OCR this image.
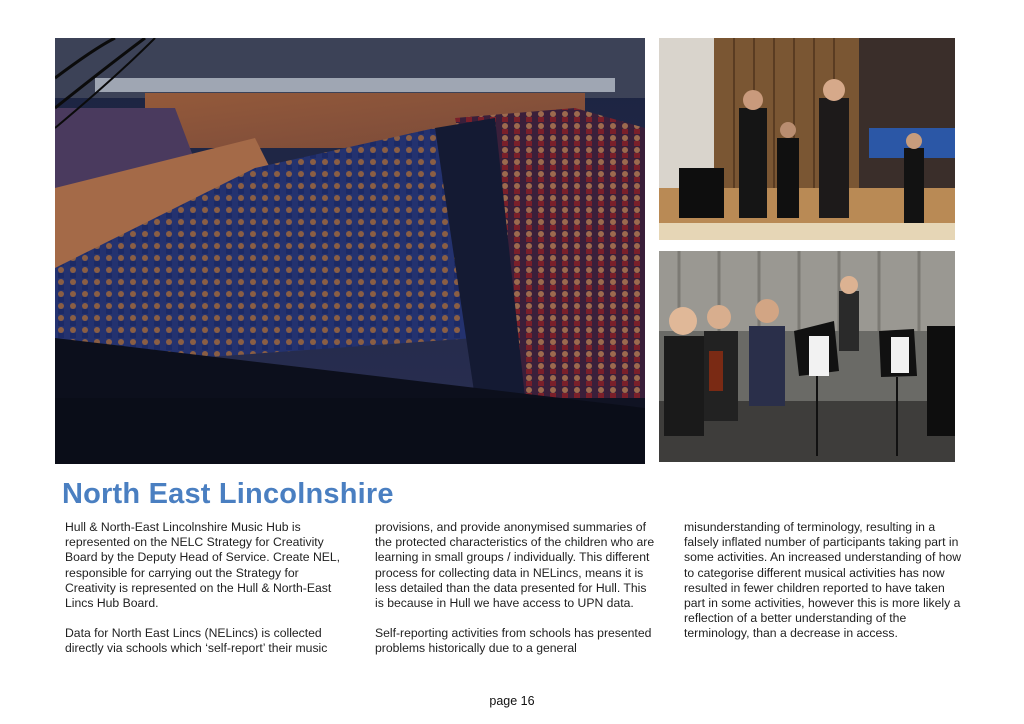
North East Lincolnshire

Hull & North-East Lincolnshire Music Hub is represented on the NELC Strategy for Creativity Board by the Deputy Head of Service. Create NEL, responsible for carrying out the Strategy for Creativity is represented on the Hull & North-East Lincs Hub Board.

Data for North East Lincs (NELincs) is collected directly via schools which ‘self-report’ their music

provisions, and provide anonymised summaries of the protected characteristics of the children who are learning in small groups / individually. This different process for collecting data in NELincs, means it is less detailed than the data presented for Hull. This is because in Hull we have access to UPN data.

Self-reporting activities from schools has presented problems historically due to a general

misunderstanding of terminology, resulting in a falsely inflated number of participants taking part in some activities. An increased understanding of how to categorise different musical activities has now resulted in fewer children reported to have taken part in some activities, however this is more likely a reflection of a better understanding of the terminology, than a decrease in access.

page 16
